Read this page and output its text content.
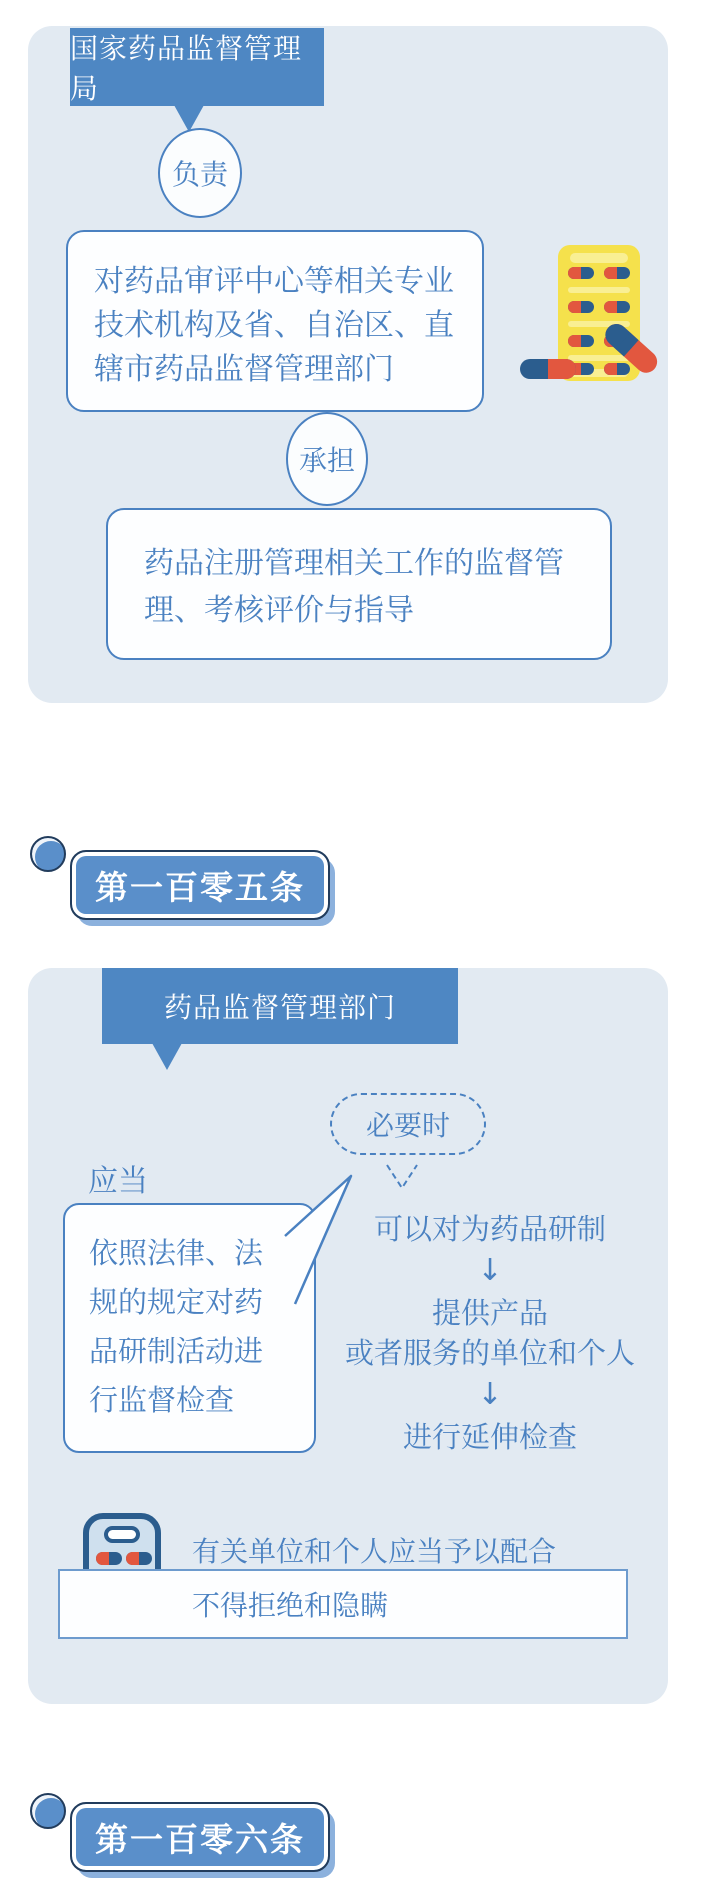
国家药品监督管理局
负责
对药品审评中心等相关专业
技术机构及省、自治区、直
辖市药品监督管理部门
承担
药品注册管理相关工作的监督管
理、考核评价与指导
第一百零五条
药品监督管理部门
必要时
应当
依照法律、法
规的规定对药
品研制活动进
行监督检查
可以对为药品研制
↓
提供产品
或者服务的单位和个人
↓
进行延伸检查
有关单位和个人应当予以配合
不得拒绝和隐瞒
第一百零六条
